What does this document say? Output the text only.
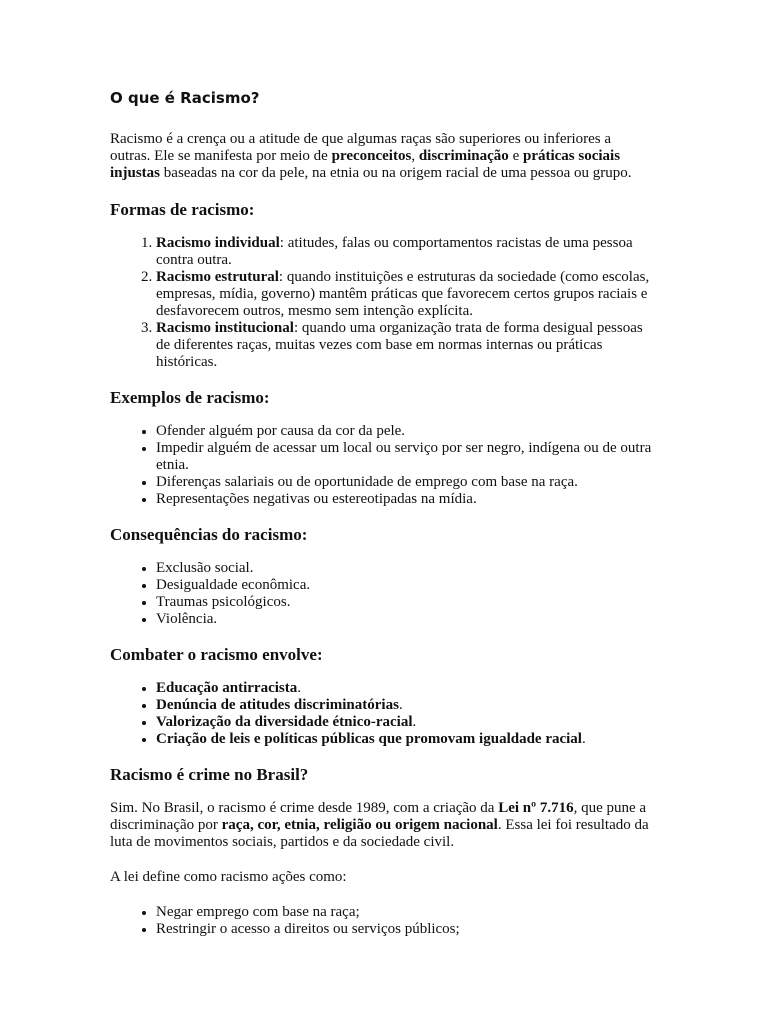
O que é Racismo?

Racismo é a crença ou a atitude de que algumas raças são superiores ou inferiores a outras. Ele se manifesta por meio de preconceitos, discriminação e práticas sociais injustas baseadas na cor da pele, na etnia ou na origem racial de uma pessoa ou grupo.

Formas de racismo:
1. Racismo individual: atitudes, falas ou comportamentos racistas de uma pessoa contra outra.
2. Racismo estrutural: quando instituições e estruturas da sociedade (como escolas, empresas, mídia, governo) mantêm práticas que favorecem certos grupos raciais e desfavorecem outros, mesmo sem intenção explícita.
3. Racismo institucional: quando uma organização trata de forma desigual pessoas de diferentes raças, muitas vezes com base em normas internas ou práticas históricas.
Exemplos de racismo:
• Ofender alguém por causa da cor da pele.
• Impedir alguém de acessar um local ou serviço por ser negro, indígena ou de outra etnia.
• Diferenças salariais ou de oportunidade de emprego com base na raça.
• Representações negativas ou estereotipadas na mídia.
Consequências do racismo:
• Exclusão social.
• Desigualdade econômica.
• Traumas psicológicos.
• Violência.
Combater o racismo envolve:
• Educação antirracista.
• Denúncia de atitudes discriminatórias.
• Valorização da diversidade étnico-racial.
• Criação de leis e políticas públicas que promovam igualdade racial.
Racismo é crime no Brasil?

Sim. No Brasil, o racismo é crime desde 1989, com a criação da Lei nº 7.716, que pune a discriminação por raça, cor, etnia, religião ou origem nacional. Essa lei foi resultado da luta de movimentos sociais, partidos e da sociedade civil.

A lei define como racismo ações como:

• Negar emprego com base na raça;
• Restringir o acesso a direitos ou serviços públicos;
